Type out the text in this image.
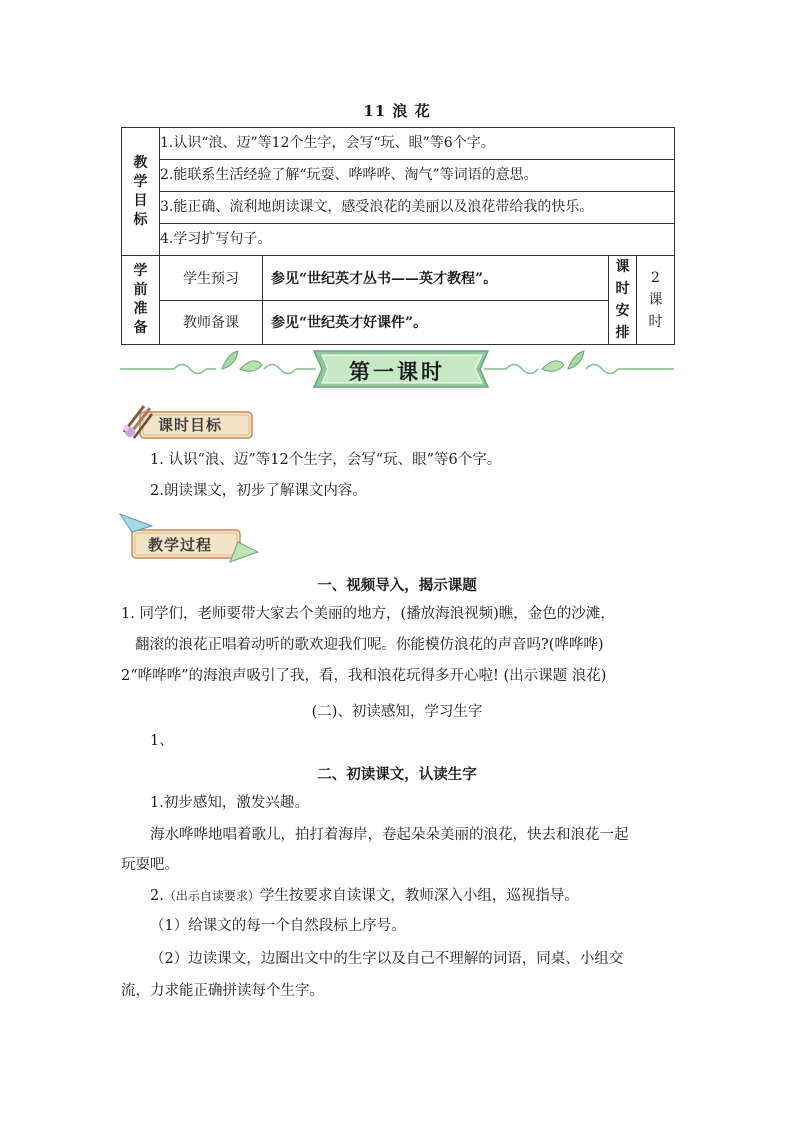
11 浪 花
教学目标	1.认识“浪、迈”等12个生字，会写“玩、眼”等6个字。			
	2.能联系生活经验了解“玩耍、哗哗哗、淘气”等词语的意思。			
	3.能正确、流利地朗读课文，感受浪花的美丽以及浪花带给我的快乐。			
	4.学习扩写句子。			

学前准备	学生预习	参见“世纪英才丛书——英才教程”。	课时安排	2课时

	教师备课	参见“世纪英才好课件”。		
第一课时
课时目标
1. 认识“浪、迈”等12个生字，会写“玩、眼”等6个字。
2.朗读课文，初步了解课文内容。
教学过程
一、视频导入，揭示课题
1. 同学们，老师要带大家去个美丽的地方，(播放海浪视频)瞧，金色的沙滩，
翻滚的浪花正唱着动听的歌欢迎我们呢。你能模仿浪花的声音吗?(哗哗哗)
2“哗哗哗”的海浪声吸引了我，看，我和浪花玩得多开心啦! (出示课题 浪花)
(二)、初读感知，学习生字
1、
二、初读课文，认读生字
1.初步感知，激发兴趣。
海水哗哗地唱着歌儿，拍打着海岸，卷起朵朵美丽的浪花，快去和浪花一起
玩耍吧。
2.（出示自读要求）学生按要求自读课文，教师深入小组，巡视指导。
（1）给课文的每一个自然段标上序号。
（2）边读课文，边圈出文中的生字以及自己不理解的词语，同桌、小组交
流，力求能正确拼读每个生字。
